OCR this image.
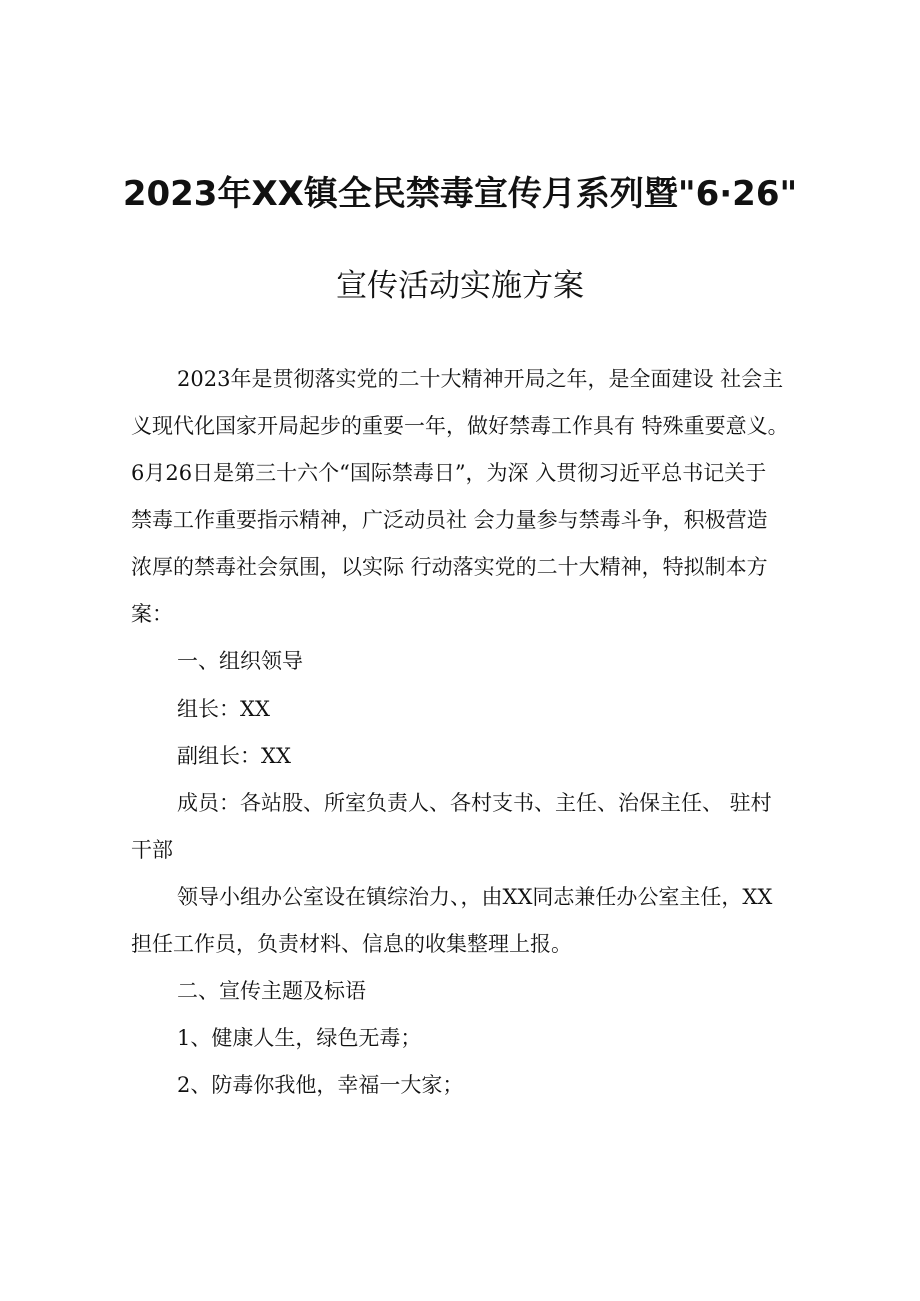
2023年XX镇全民禁毒宣传月系列暨"6·26"
宣传活动实施方案
2023年是贯彻落实党的二十大精神开局之年，是全面建设 社会主
义现代化国家开局起步的重要一年，做好禁毒工作具有 特殊重要意义。
6月26日是第三十六个“国际禁毒日”，为深 入贯彻习近平总书记关于
禁毒工作重要指示精神，广泛动员社 会力量参与禁毒斗争，积极营造
浓厚的禁毒社会氛围，以实际 行动落实党的二十大精神，特拟制本方
案：
一、组织领导
组长：XX
副组长：XX
成员：各站股、所室负责人、各村支书、主任、治保主任、 驻村
干部
领导小组办公室设在镇综治力、，由XX同志兼任办公室主任，XX
担任工作员，负责材料、信息的收集整理上报。
二、宣传主题及标语
1、健康人生，绿色无毒；
2、防毒你我他，幸福一大家；
